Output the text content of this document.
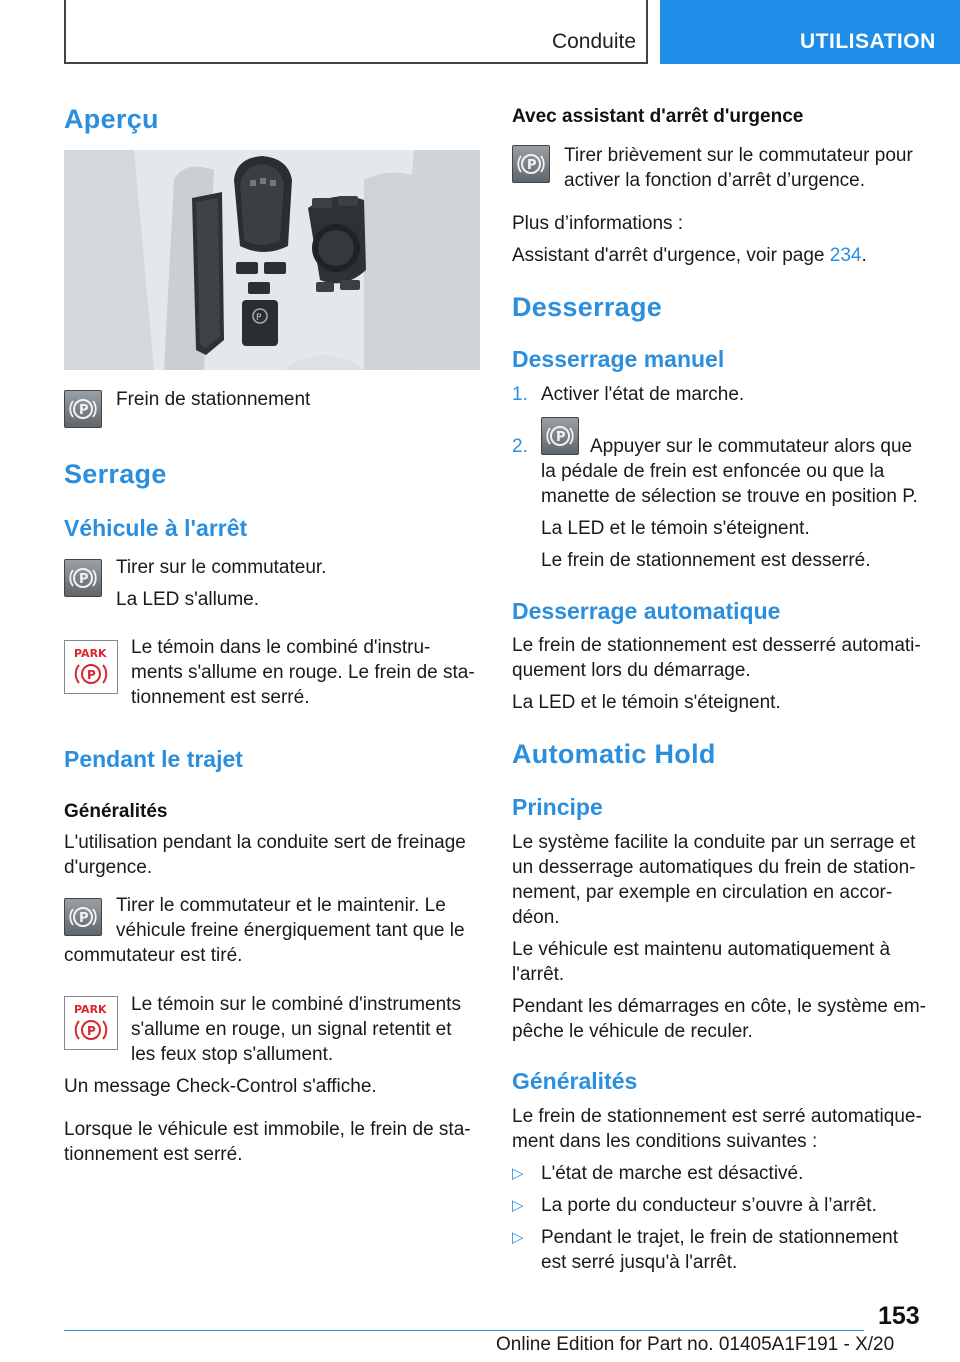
Conduite	UTILISATION
Aperçu
P
P

Frein de stationnement

Serrage
Véhicule à l'arrêt
P

Tirer sur le commutateur.

La LED s'allume.

PARK
P

Le témoin dans le combiné d'instru‐

ments s'allume en rouge. Le frein de sta‐

tionnement est serré.

Pendant le trajet
Généralités

L'utilisation pendant la conduite sert de freinage

d'urgence.

P

Tirer le commutateur et le maintenir. Le

véhicule freine énergiquement tant que le

commutateur est tiré.

PARK
P

Le témoin sur le combiné d'instruments

s'allume en rouge, un signal retentit et

les feux stop s'allument.

Un message Check-Control s'affiche.

Lorsque le véhicule est immobile, le frein de sta‐

tionnement est serré.

Avec assistant d'arrêt d'urgence
P Tirer brièvement sur le commutateur pour

activer la fonction d’arrêt d’urgence.

Plus d’informations :

Assistant d'arrêt d'urgence, voir page 234.

Desserrage
Desserrage manuel
1. Activer l'état de marche.

2. P Appuyer sur le commutateur alors que

la pédale de frein est enfoncée ou que la

manette de sélection se trouve en position P.

La LED et le témoin s'éteignent.

Le frein de stationnement est desserré.

Desserrage automatique

Le frein de stationnement est desserré automati‐

quement lors du démarrage.

La LED et le témoin s'éteignent.

Automatic Hold
Principe

Le système facilite la conduite par un serrage et

un desserrage automatiques du frein de station‐

nement, par exemple en circulation en accor‐

déon.

Le véhicule est maintenu automatiquement à

l'arrêt.

Pendant les démarrages en côte, le système em‐

pêche le véhicule de reculer.

Généralités

Le frein de stationnement est serré automatique‐

ment dans les conditions suivantes :

▷ L'état de marche est désactivé.

▷ La porte du conducteur s’ouvre à l’arrêt.

▷ Pendant le trajet, le frein de stationnement

est serré jusqu'à l'arrêt.

153
Online Edition for Part no. 01405A1F191 - X/20
